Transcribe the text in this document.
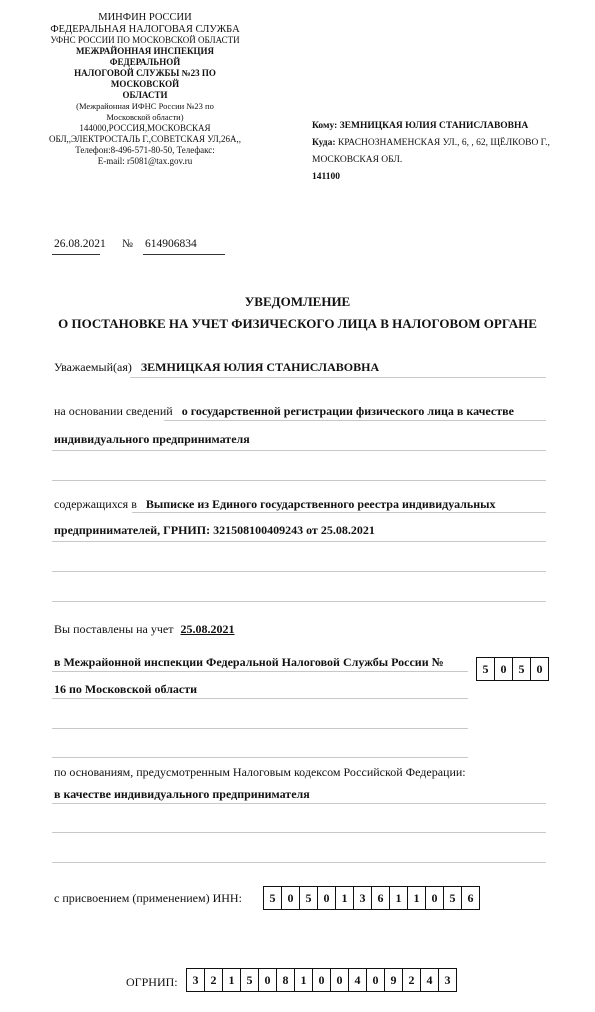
МИНФИН РОССИИ
ФЕДЕРАЛЬНАЯ НАЛОГОВАЯ СЛУЖБА
УФНС РОССИИ ПО МОСКОВСКОЙ ОБЛАСТИ
МЕЖРАЙОННАЯ ИНСПЕКЦИЯ ФЕДЕРАЛЬНОЙ
НАЛОГОВОЙ СЛУЖБЫ №23 ПО МОСКОВСКОЙ
ОБЛАСТИ
(Межрайонная ИФНС России №23 по Московской области)
144000,РОССИЯ,МОСКОВСКАЯ
ОБЛ,,ЭЛЕКТРОСТАЛЬ Г.,СОВЕТСКАЯ УЛ,26А,,
Телефон:8-496-571-80-50, Телефакс:
E-mail: r5081@tax.gov.ru
Кому: ЗЕМНИЦКАЯ ЮЛИЯ СТАНИСЛАВОВНА
Куда: КРАСНОЗНАМЕНСКАЯ УЛ., 6, , 62, ЩЁЛКОВО Г.,
МОСКОВСКАЯ ОБЛ.
141100
26.08.2021 № 614906834
УВЕДОМЛЕНИЕ
О ПОСТАНОВКЕ НА УЧЕТ ФИЗИЧЕСКОГО ЛИЦА В НАЛОГОВОМ ОРГАНЕ
Уважаемый(ая) ЗЕМНИЦКАЯ ЮЛИЯ СТАНИСЛАВОВНА
на основании сведений о государственной регистрации физического лица в качестве
индивидуального предпринимателя
содержащихся в Выписке из Единого государственного реестра индивидуальных
предпринимателей, ГРНИП: 321508100409243 от 25.08.2021
Вы поставлены на учет 25.08.2021
в Межрайонной инспекции Федеральной Налоговой Службы России №
16 по Московской области
5	0	5	0
по основаниям, предусмотренным Налоговым кодексом Российской Федерации:
в качестве индивидуального предпринимателя
с присвоением (применением) ИНН:	5	0	5	0	1	3	6	1	1	0	5	6
ОГРНИП:	3	2	1	5	0	8	1	0	0	4	0	9	2	4	3
